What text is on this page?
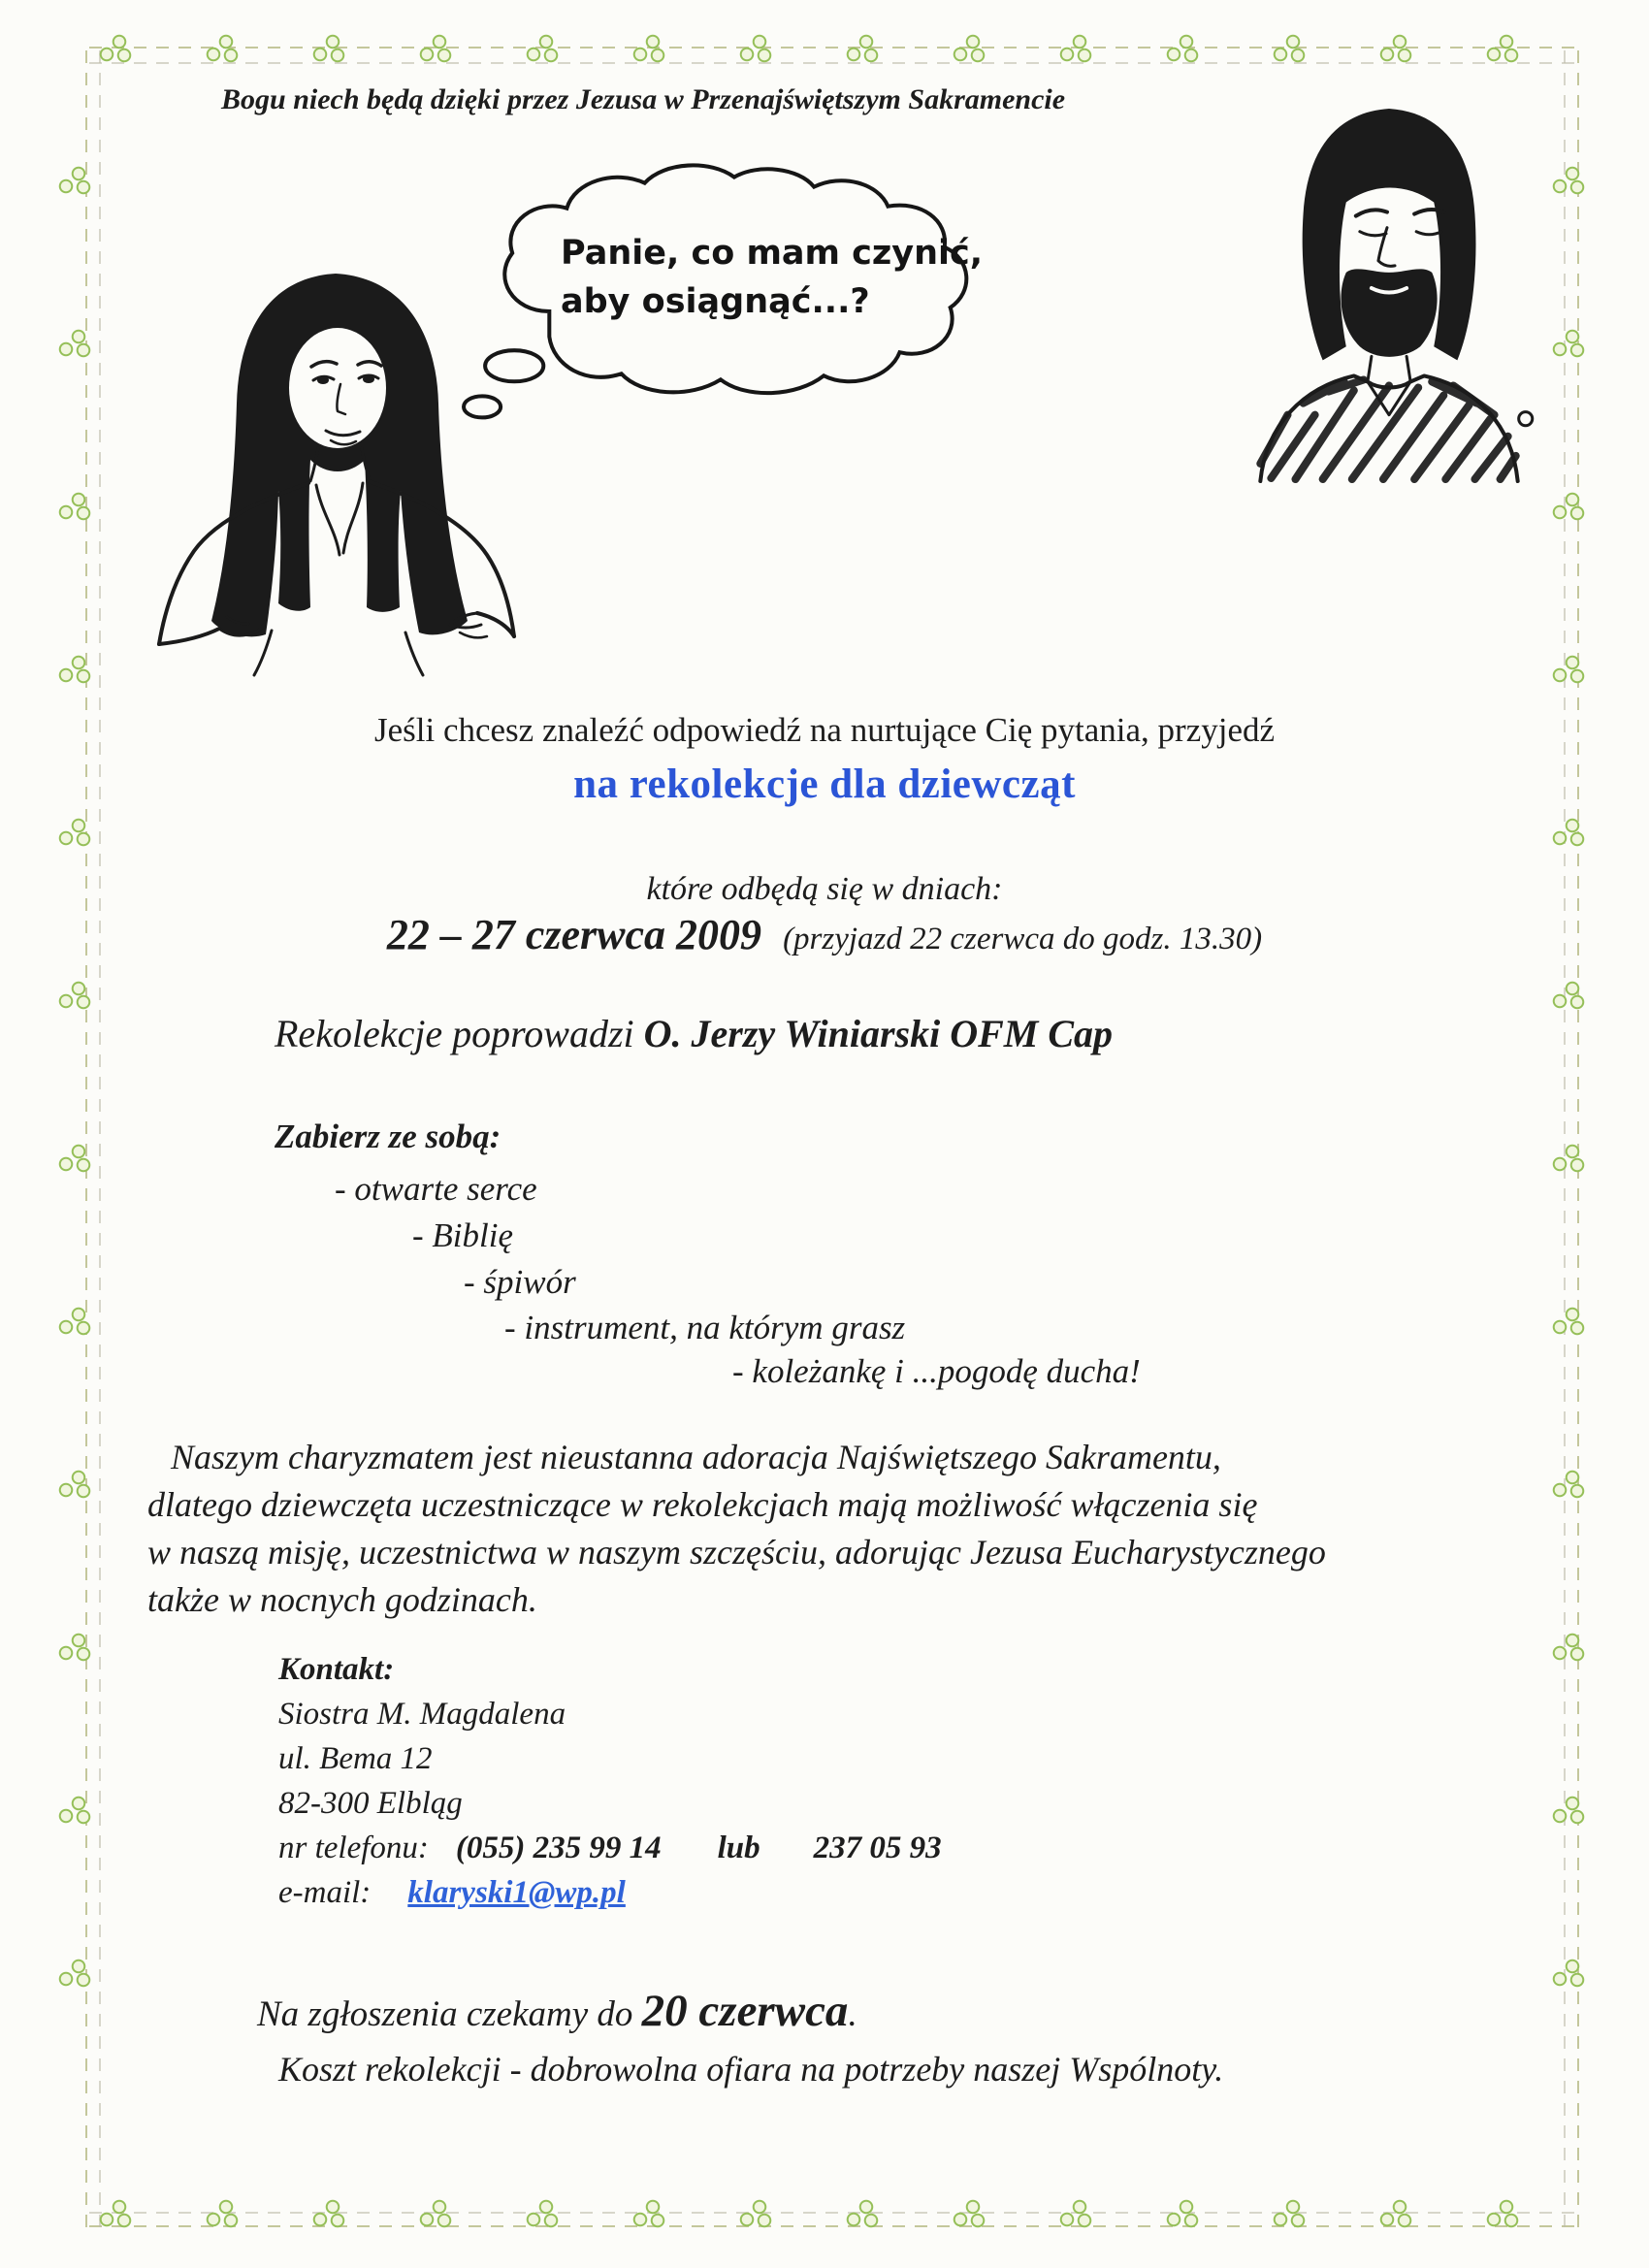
Bogu niech będą dzięki przez Jezusa w Przenajświętszym Sakramencie
Panie, co mam czynić,
aby osiągnąć...?
Jeśli chcesz znaleźć odpowiedź na nurtujące Cię pytania, przyjedź
na rekolekcje dla dziewcząt
które odbędą się w dniach:
22 – 27 czerwca 2009 (przyjazd 22 czerwca do godz. 13.30)
Rekolekcje poprowadzi O. Jerzy Winiarski OFM Cap
Zabierz ze sobą:
- otwarte serce
- Biblię
- śpiwór
- instrument, na którym grasz
- koleżankę i ...pogodę ducha!
Naszym charyzmatem jest nieustanna adoracja Najświętszego Sakramentu,
dlatego dziewczęta uczestniczące w rekolekcjach mają możliwość włączenia się
w naszą misję, uczestnictwa w naszym szczęściu, adorując Jezusa Eucharystycznego
także w nocnych godzinach.
Kontakt:
Siostra M. Magdalena
ul. Bema 12
82-300 Elbląg
nr telefonu: (055) 235 99 14 lub 237 05 93
e-mail: klaryski1@wp.pl
Na zgłoszenia czekamy do 20 czerwca.
Koszt rekolekcji - dobrowolna ofiara na potrzeby naszej Wspólnoty.
